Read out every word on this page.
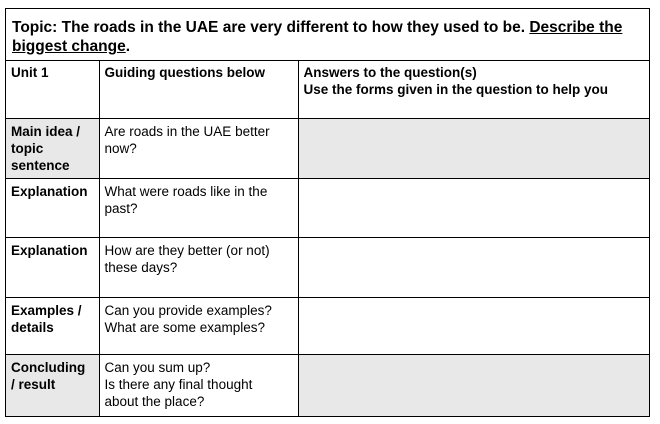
Topic: The roads in the UAE are very different to how they used to be. Describe the biggest change.
Unit 1	Guiding questions below	Answers to the question(s)
Use the forms given in the question to help you

Main idea /
topic
sentence	Are roads in the UAE better
now?	

Explanation	What were roads like in the
past?	

Explanation	How are they better (or not)
these days?	

Examples /
details	Can you provide examples?
What are some examples?	

Concluding
/ result	Can you sum up?
Is there any final thought
about the place?	
